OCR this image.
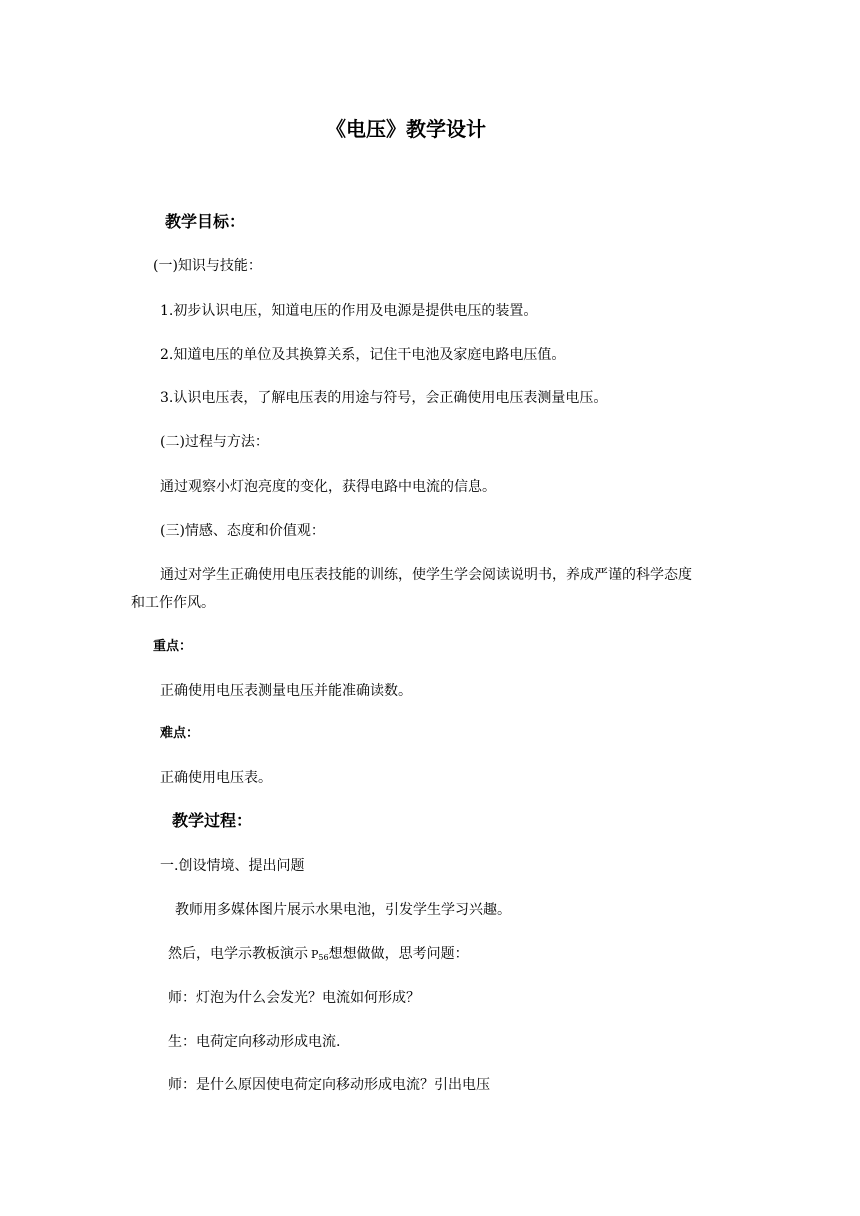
《电压》教学设计
教学目标：
(一)知识与技能：
1.初步认识电压，知道电压的作用及电源是提供电压的装置。
2.知道电压的单位及其换算关系，记住干电池及家庭电路电压值。
3.认识电压表，了解电压表的用途与符号，会正确使用电压表测量电压。
(二)过程与方法：
通过观察小灯泡亮度的变化，获得电路中电流的信息。
(三)情感、态度和价值观：
通过对学生正确使用电压表技能的训练，使学生学会阅读说明书，养成严谨的科学态度
和工作作风。
重点：
正确使用电压表测量电压并能准确读数。
难点：
正确使用电压表。
教学过程：
一.创设情境、提出问题
教师用多媒体图片展示水果电池，引发学生学习兴趣。
然后，电学示教板演示 $P_{56}$想想做做，思考问题：
师：灯泡为什么会发光？电流如何形成？
生：电荷定向移动形成电流.
师：是什么原因使电荷定向移动形成电流？引出电压
